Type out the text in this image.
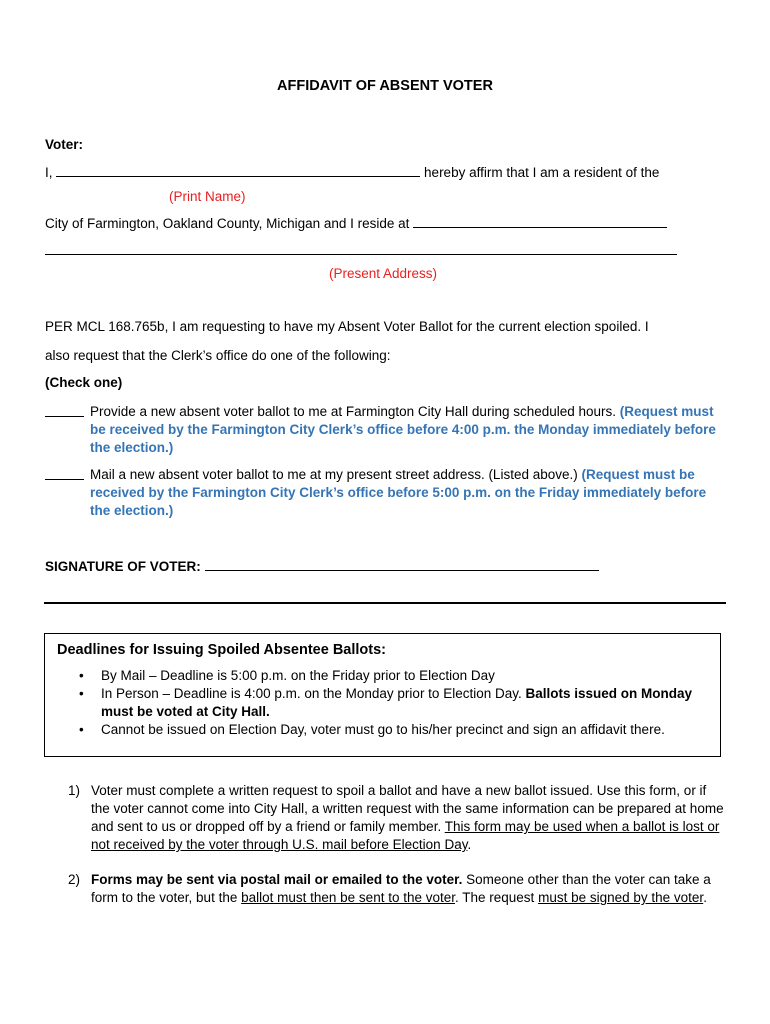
AFFIDAVIT OF ABSENT VOTER
Voter:
I,	hereby affirm that I am a resident of the
(Print Name)
City of Farmington, Oakland County, Michigan and I reside at
(Present Address)
PER MCL 168.765b, I am requesting to have my Absent Voter Ballot for the current election spoiled. I
also request that the Clerk’s office do one of the following:
(Check one)
Provide a new absent voter ballot to me at Farmington City Hall during scheduled hours. (Request must be received by the Farmington City Clerk’s office before 4:00 p.m. the Monday immediately before the election.)
Mail a new absent voter ballot to me at my present street address. (Listed above.) (Request must be received by the Farmington City Clerk’s office before 5:00 p.m. on the Friday immediately before the election.)
SIGNATURE OF VOTER:
Deadlines for Issuing Spoiled Absentee Ballots:
• By Mail – Deadline is 5:00 p.m. on the Friday prior to Election Day
• In Person – Deadline is 4:00 p.m. on the Monday prior to Election Day. Ballots issued on Monday must be voted at City Hall.
• Cannot be issued on Election Day, voter must go to his/her precinct and sign an affidavit there.
1) Voter must complete a written request to spoil a ballot and have a new ballot issued. Use this form, or if the voter cannot come into City Hall, a written request with the same information can be prepared at home and sent to us or dropped off by a friend or family member. This form may be used when a ballot is lost or not received by the voter through U.S. mail before Election Day.
2) Forms may be sent via postal mail or emailed to the voter. Someone other than the voter can take a form to the voter, but the ballot must then be sent to the voter. The request must be signed by the voter.
